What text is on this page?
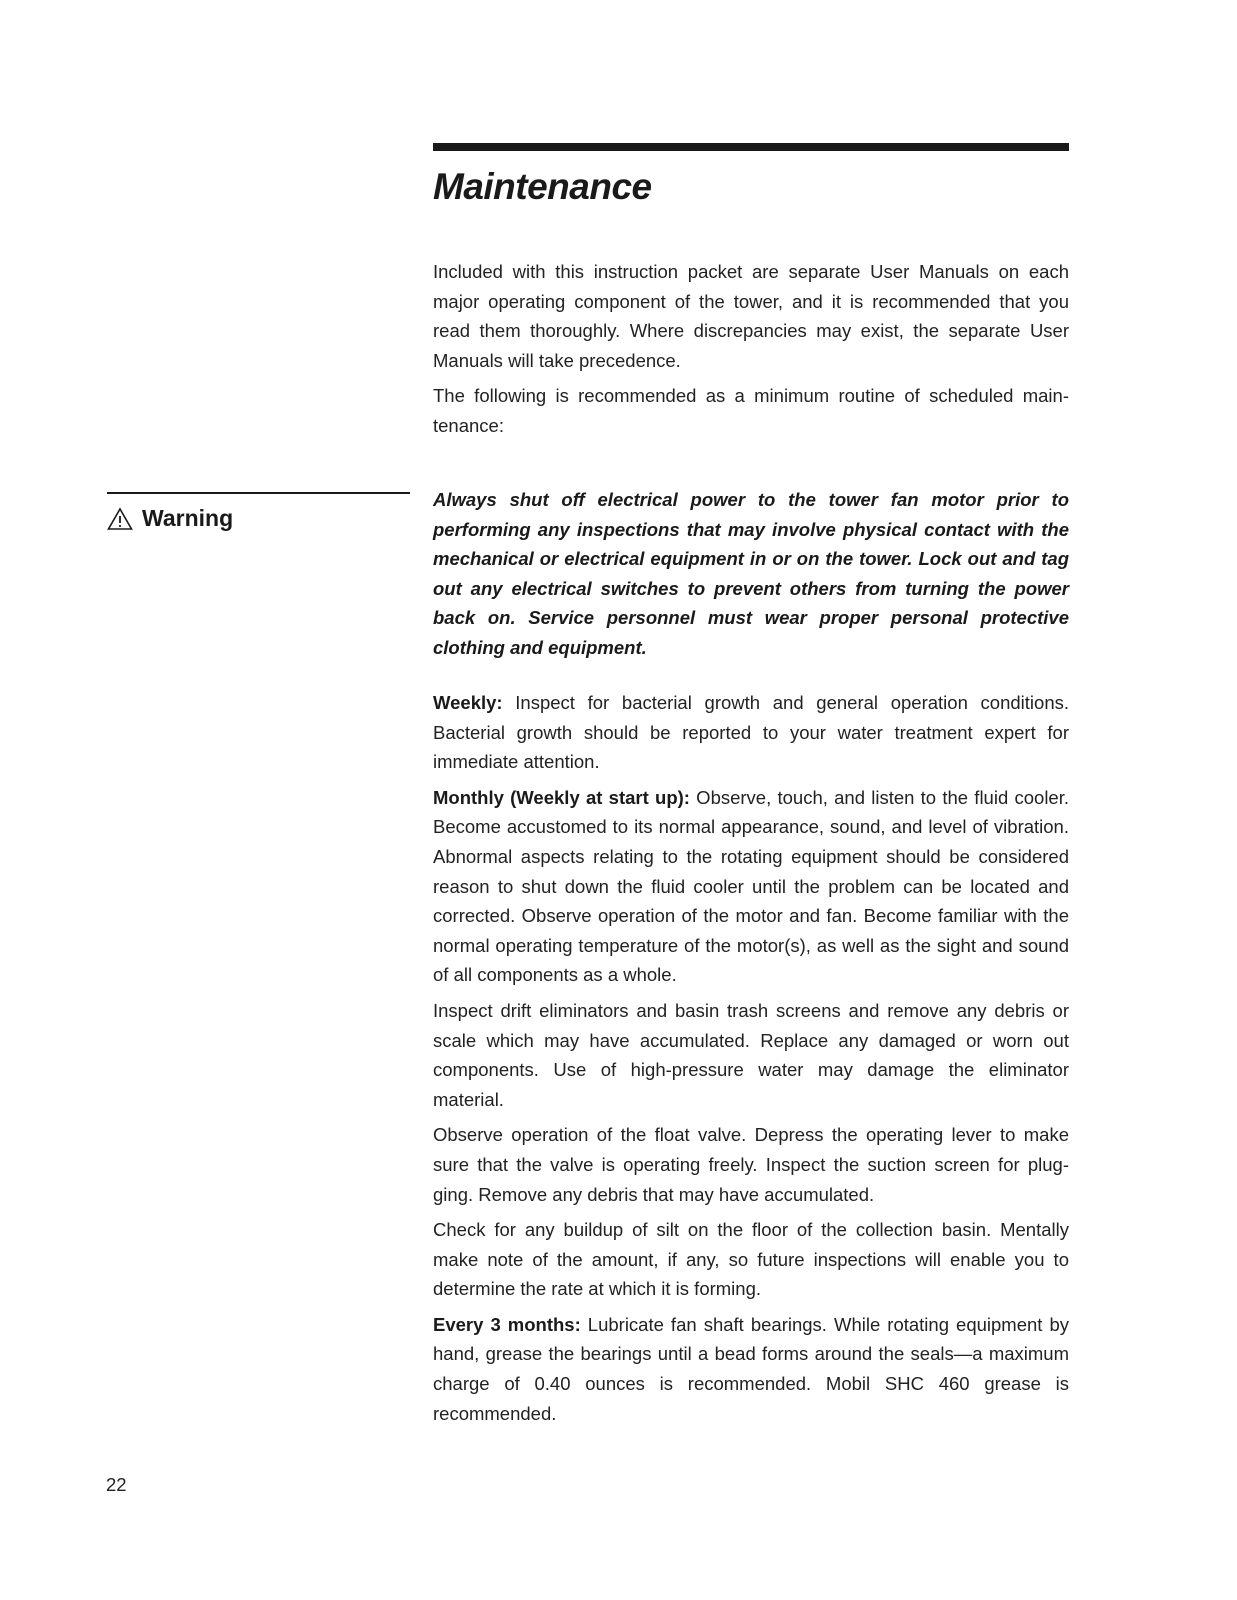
Maintenance

Included with this instruction packet are separate User Manuals on each major operating component of the tower, and it is recommended that you read them thoroughly. Where discrepancies may exist, the separate User Manuals will take precedence.

The following is recommended as a minimum routine of scheduled main-tenance:

Warning

Always shut off electrical power to the tower fan motor prior to performing any inspections that may involve physical contact with the mechanical or electrical equipment in or on the tower. Lock out and tag out any electrical switches to prevent others from turning the power back on. Service personnel must wear proper personal protective clothing and equipment.

Weekly: Inspect for bacterial growth and general operation conditions. Bacterial growth should be reported to your water treatment expert for immediate attention.

Monthly (Weekly at start up): Observe, touch, and listen to the fluid cooler. Become accustomed to its normal appearance, sound, and level of vibration. Abnormal aspects relating to the rotating equipment should be considered reason to shut down the fluid cooler until the problem can be located and corrected. Observe operation of the motor and fan. Become familiar with the normal operating temperature of the motor(s), as well as the sight and sound of all components as a whole.

Inspect drift eliminators and basin trash screens and remove any debris or scale which may have accumulated. Replace any damaged or worn out components. Use of high-pressure water may damage the eliminator material.

Observe operation of the float valve. Depress the operating lever to make sure that the valve is operating freely. Inspect the suction screen for plug-ging. Remove any debris that may have accumulated.

Check for any buildup of silt on the floor of the collection basin. Mentally make note of the amount, if any, so future inspections will enable you to determine the rate at which it is forming.

Every 3 months: Lubricate fan shaft bearings. While rotating equipment by hand, grease the bearings until a bead forms around the seals—a maximum charge of 0.40 ounces is recommended. Mobil SHC 460 grease is recommended.

22
